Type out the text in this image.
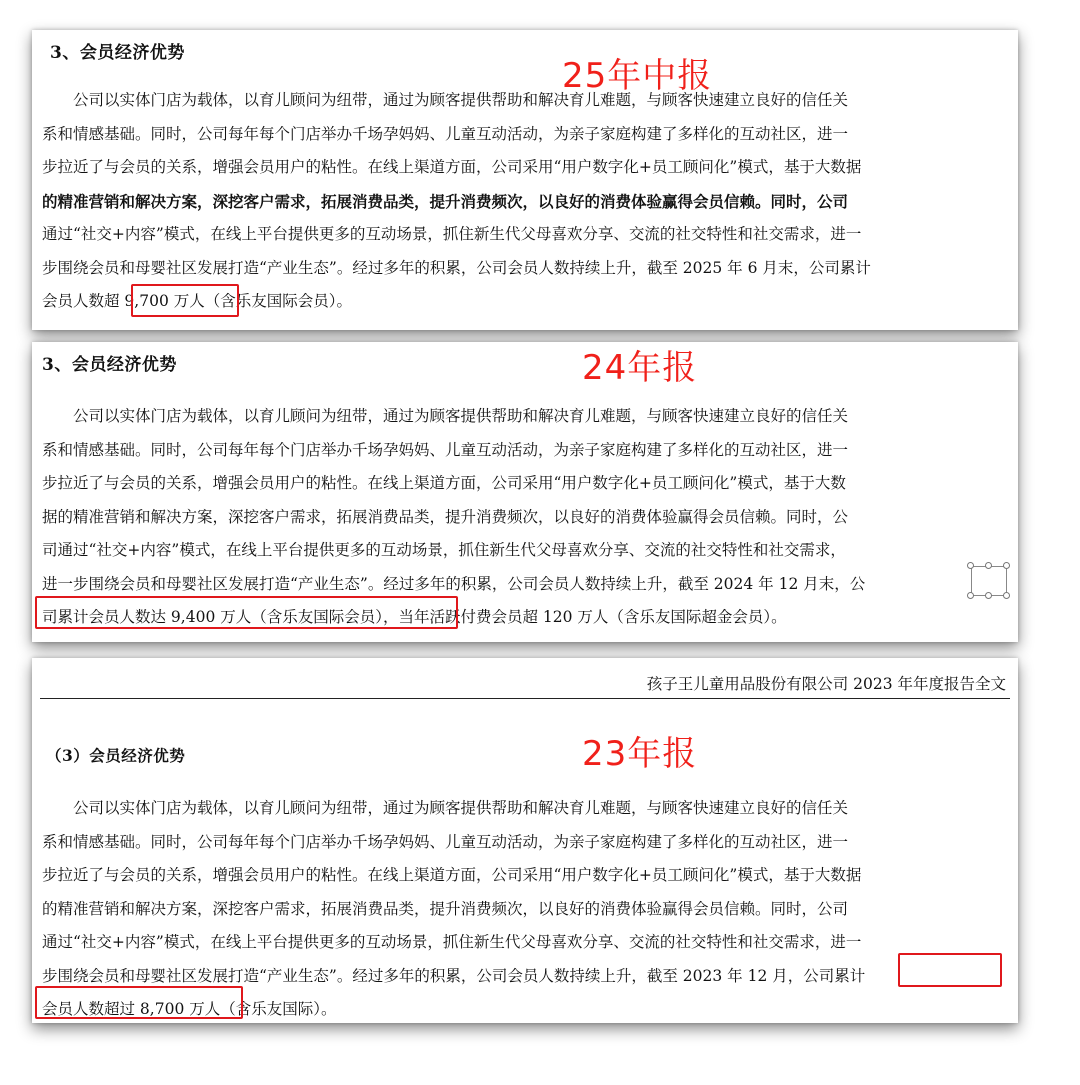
3、会员经济优势
25年中报
　　公司以实体门店为载体，以育儿顾问为纽带，通过为顾客提供帮助和解决育儿难题，与顾客快速建立良好的信任关
系和情感基础。同时，公司每年每个门店举办千场孕妈妈、儿童互动活动，为亲子家庭构建了多样化的互动社区，进一
步拉近了与会员的关系，增强会员用户的粘性。在线上渠道方面，公司采用“用户数字化+员工顾问化”模式，基于大数据
的精准营销和解决方案，深挖客户需求，拓展消费品类，提升消费频次，以良好的消费体验赢得会员信赖。同时，公司
通过“社交+内容”模式，在线上平台提供更多的互动场景，抓住新生代父母喜欢分享、交流的社交特性和社交需求，进一
步围绕会员和母婴社区发展打造“产业生态”。经过多年的积累，公司会员人数持续上升，截至 2025 年 6 月末，公司累计
会员人数超 9,700 万人（含乐友国际会员）。
3、会员经济优势	24年报
　　公司以实体门店为载体，以育儿顾问为纽带，通过为顾客提供帮助和解决育儿难题，与顾客快速建立良好的信任关
系和情感基础。同时，公司每年每个门店举办千场孕妈妈、儿童互动活动，为亲子家庭构建了多样化的互动社区，进一
步拉近了与会员的关系，增强会员用户的粘性。在线上渠道方面，公司采用“用户数字化+员工顾问化”模式，基于大数
据的精准营销和解决方案，深挖客户需求，拓展消费品类，提升消费频次，以良好的消费体验赢得会员信赖。同时，公
司通过“社交+内容”模式，在线上平台提供更多的互动场景，抓住新生代父母喜欢分享、交流的社交特性和社交需求，
进一步围绕会员和母婴社区发展打造“产业生态”。经过多年的积累，公司会员人数持续上升，截至 2024 年 12 月末，公
司累计会员人数达 9,400 万人（含乐友国际会员），当年活跃付费会员超 120 万人（含乐友国际超金会员）。
孩子王儿童用品股份有限公司 2023 年年度报告全文
（3）会员经济优势	23年报
　　公司以实体门店为载体，以育儿顾问为纽带，通过为顾客提供帮助和解决育儿难题，与顾客快速建立良好的信任关
系和情感基础。同时，公司每年每个门店举办千场孕妈妈、儿童互动活动，为亲子家庭构建了多样化的互动社区，进一
步拉近了与会员的关系，增强会员用户的粘性。在线上渠道方面，公司采用“用户数字化+员工顾问化”模式，基于大数据
的精准营销和解决方案，深挖客户需求，拓展消费品类，提升消费频次，以良好的消费体验赢得会员信赖。同时，公司
通过“社交+内容”模式，在线上平台提供更多的互动场景，抓住新生代父母喜欢分享、交流的社交特性和社交需求，进一
步围绕会员和母婴社区发展打造“产业生态”。经过多年的积累，公司会员人数持续上升，截至 2023 年 12 月，公司累计
会员人数超过 8,700 万人（含乐友国际）。
